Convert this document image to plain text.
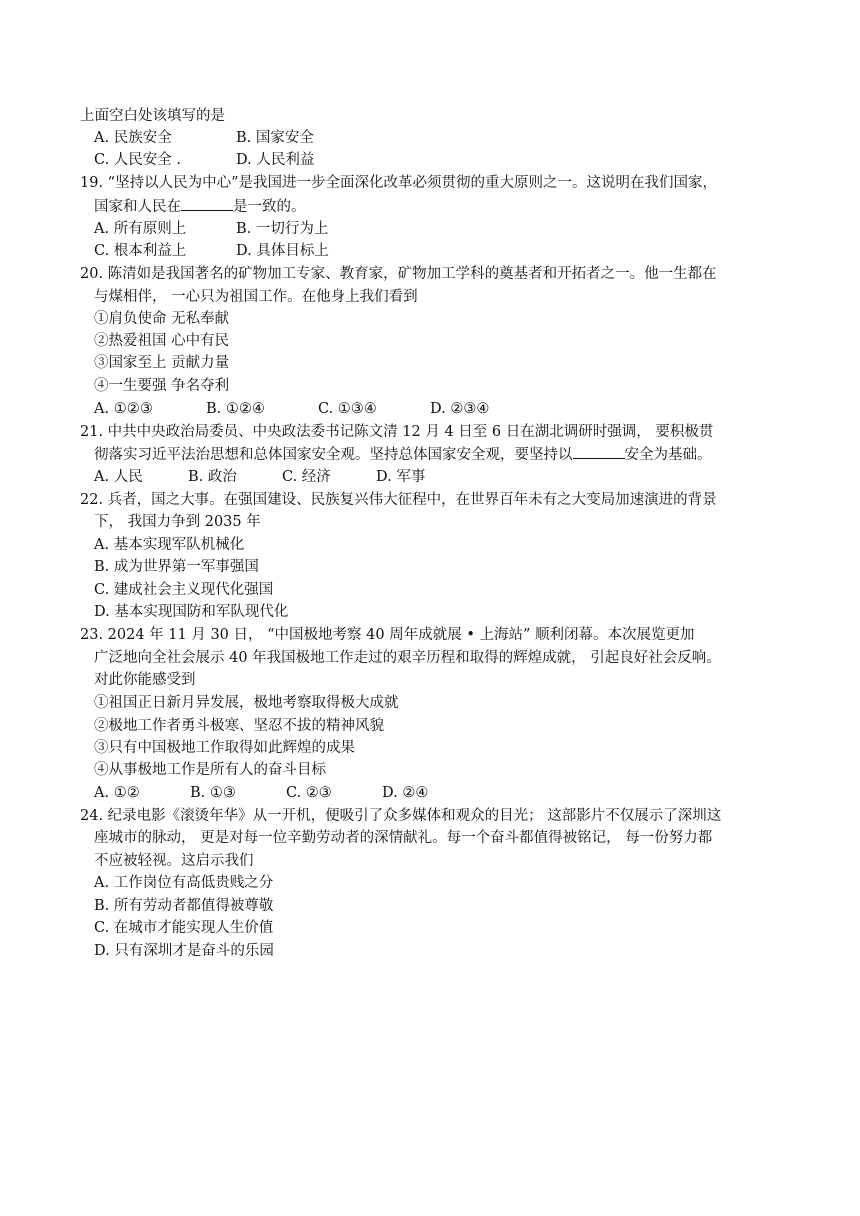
上面空白处该填写的是
A. 民族安全	B. 国家安全
C. 人民安全 .	D. 人民利益
19. “坚持以人民为中心”是我国进一步全面深化改革必须贯彻的重大原则之一。这说明在我们国家，
国家和人民在	是一致的。
A. 所有原则上	B. 一切行为上
C. 根本利益上	D. 具体目标上
20. 陈清如是我国著名的矿物加工专家、教育家，矿物加工学科的奠基者和开拓者之一。他一生都在
与煤相伴， 一心只为祖国工作。在他身上我们看到
①肩负使命 无私奉献
②热爱祖国 心中有民
③国家至上 贡献力量
④一生要强 争名夺利
A. ①②③	B. ①②④	C. ①③④	D. ②③④
21. 中共中央政治局委员、中央政法委书记陈文清 12 月 4 日至 6 日在湖北调研时强调， 要积极贯
彻落实习近平法治思想和总体国家安全观。坚持总体国家安全观，要坚持以	安全为基础。
A. 人民	B. 政治	C. 经济	D. 军事
22. 兵者，国之大事。在强国建设、民族复兴伟大征程中，在世界百年未有之大变局加速演进的背景
下， 我国力争到 2035 年
A. 基本实现军队机械化
B. 成为世界第一军事强国
C. 建成社会主义现代化强国
D. 基本实现国防和军队现代化
23. 2024 年 11 月 30 日， “中国极地考察 40 周年成就展 • 上海站” 顺利闭幕。本次展览更加
广泛地向全社会展示 40 年我国极地工作走过的艰辛历程和取得的辉煌成就， 引起良好社会反响。
对此你能感受到
①祖国正日新月异发展，极地考察取得极大成就
②极地工作者勇斗极寒、坚忍不拔的精神风貌
③只有中国极地工作取得如此辉煌的成果
④从事极地工作是所有人的奋斗目标
A. ①②	B. ①③	C. ②③	D. ②④
24. 纪录电影《滚烫年华》从一开机，便吸引了众多媒体和观众的目光； 这部影片不仅展示了深圳这
座城市的脉动， 更是对每一位辛勤劳动者的深情献礼。每一个奋斗都值得被铭记， 每一份努力都
不应被轻视。这启示我们
A. 工作岗位有高低贵贱之分
B. 所有劳动者都值得被尊敬
C. 在城市才能实现人生价值
D. 只有深圳才是奋斗的乐园
